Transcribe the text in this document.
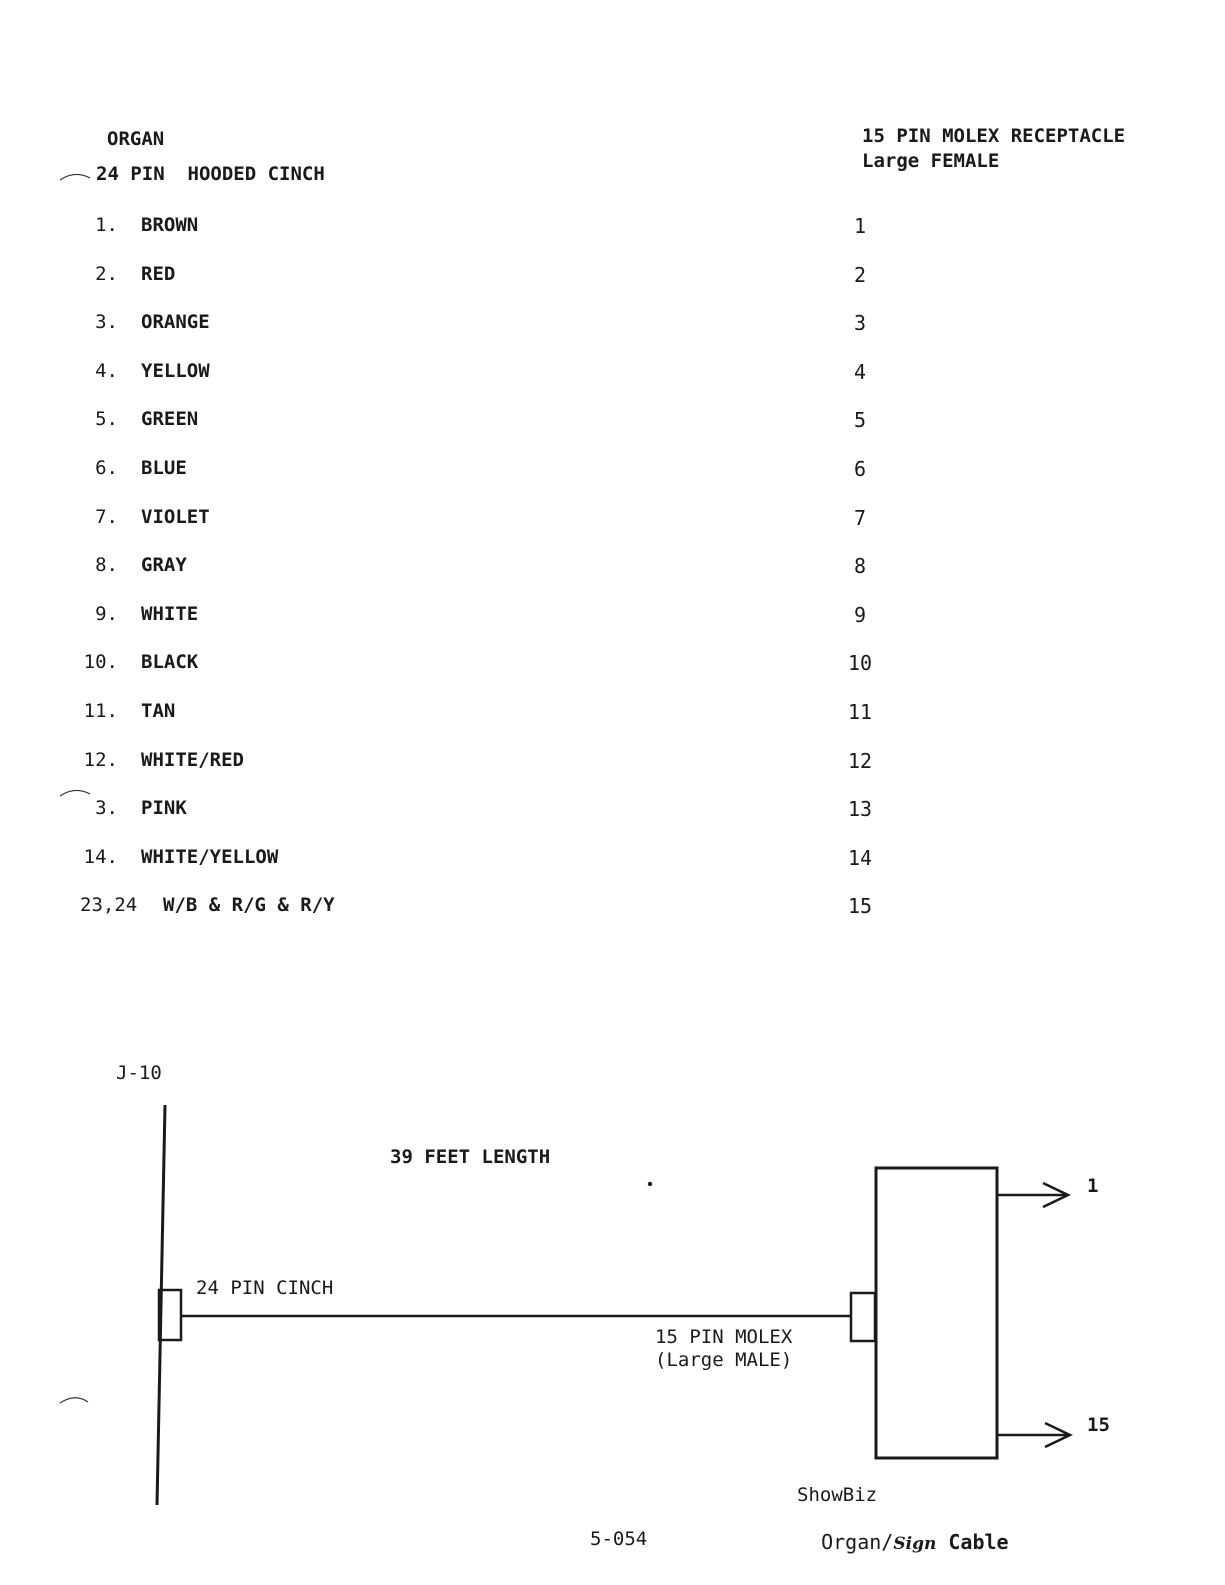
ORGAN
24 PIN  HOODED CINCH
15 PIN MOLEX RECEPTACLE
Large FEMALE
1. BROWN	1
2. RED	2
3. ORANGE	3
4. YELLOW	4
5. GREEN	5
6. BLUE	6
7. VIOLET	7
8. GRAY	8
9. WHITE	9
10. BLACK	10
11. TAN	11
12. WHITE/RED	12
3. PINK	13
14. WHITE/YELLOW	14
23,24 W/B & R/G & R/Y	15
J-10
39 FEET LENGTH
24 PIN CINCH
15 PIN MOLEX
(Large MALE)
1
15
ShowBiz

Organ/Sign Cable

5-054
